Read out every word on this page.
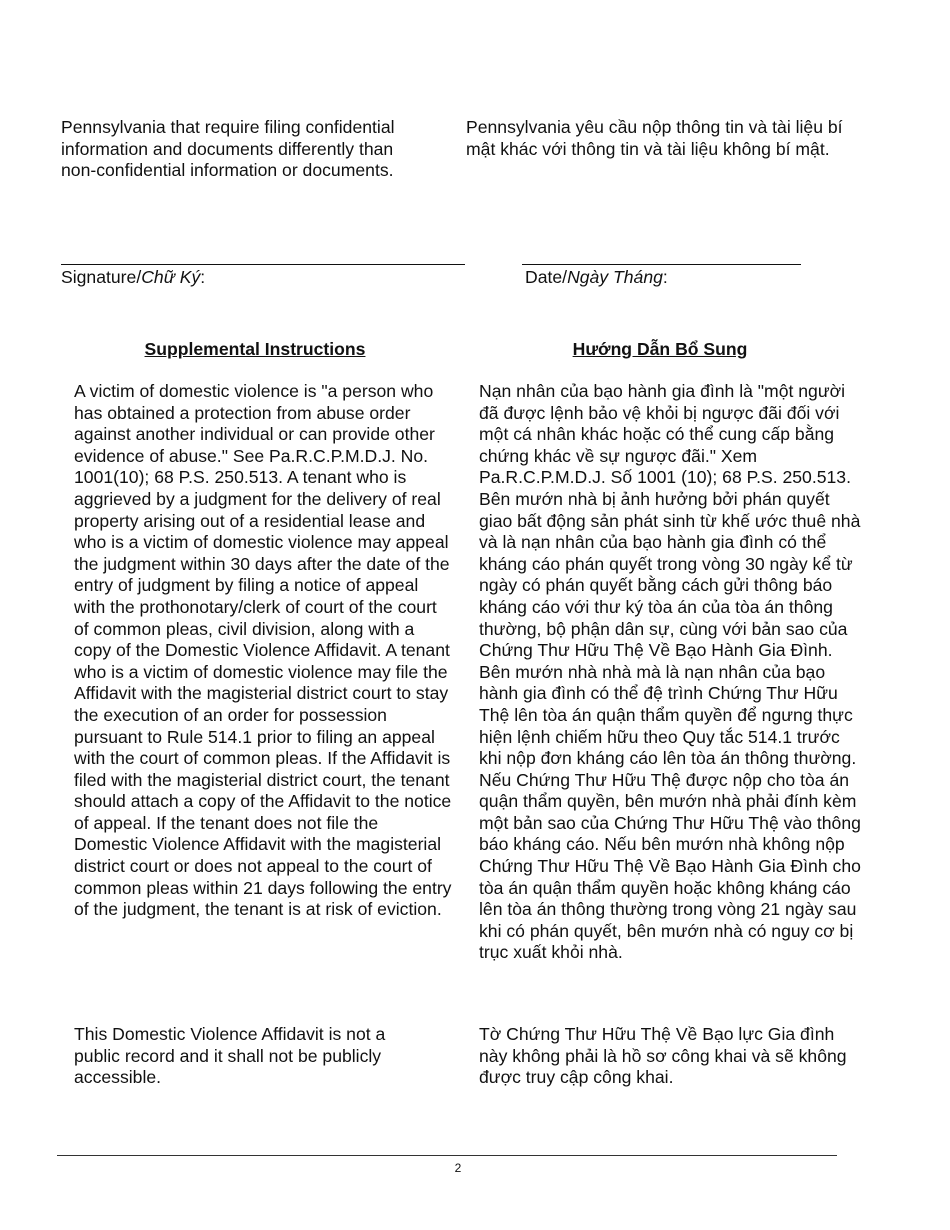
Pennsylvania that require filing confidential information and documents differently than non-confidential information or documents.
Pennsylvania yêu cầu nộp thông tin và tài liệu bí mật khác với thông tin và tài liệu không bí mật.
Signature/Chữ Ký:	Date/Ngày Tháng:
Supplemental Instructions	Hướng Dẫn Bổ Sung
A victim of domestic violence is "a person who has obtained a protection from abuse order against another individual or can provide other evidence of abuse." See Pa.R.C.P.M.D.J. No. 1001(10); 68 P.S. 250.513. A tenant who is aggrieved by a judgment for the delivery of real property arising out of a residential lease and who is a victim of domestic violence may appeal the judgment within 30 days after the date of the entry of judgment by filing a notice of appeal with the prothonotary/clerk of court of the court of common pleas, civil division, along with a copy of the Domestic Violence Affidavit. A tenant who is a victim of domestic violence may file the Affidavit with the magisterial district court to stay the execution of an order for possession pursuant to Rule 514.1 prior to filing an appeal with the court of common pleas. If the Affidavit is filed with the magisterial district court, the tenant should attach a copy of the Affidavit to the notice of appeal. If the tenant does not file the Domestic Violence Affidavit with the magisterial district court or does not appeal to the court of common pleas within 21 days following the entry of the judgment, the tenant is at risk of eviction.
Nạn nhân của bạo hành gia đình là "một người đã được lệnh bảo vệ khỏi bị ngược đãi đối với một cá nhân khác hoặc có thể cung cấp bằng chứng khác về sự ngược đãi." Xem Pa.R.C.P.M.D.J. Số 1001 (10); 68 P.S. 250.513. Bên mướn nhà bị ảnh hưởng bởi phán quyết giao bất động sản phát sinh từ khế ước thuê nhà và là nạn nhân của bạo hành gia đình có thể kháng cáo phán quyết trong vòng 30 ngày kể từ ngày có phán quyết bằng cách gửi thông báo kháng cáo với thư ký tòa án của tòa án thông thường, bộ phận dân sự, cùng với bản sao của Chứng Thư Hữu Thệ Về Bạo Hành Gia Đình. Bên mướn nhà nhà mà là nạn nhân của bạo hành gia đình có thể đệ trình Chứng Thư Hữu Thệ lên tòa án quận thẩm quyền để ngưng thực hiện lệnh chiếm hữu theo Quy tắc 514.1 trước khi nộp đơn kháng cáo lên tòa án thông thường. Nếu Chứng Thư Hữu Thệ được nộp cho tòa án quận thẩm quyền, bên mướn nhà phải đính kèm một bản sao của Chứng Thư Hữu Thệ vào thông báo kháng cáo. Nếu bên mướn nhà không nộp Chứng Thư Hữu Thệ Về Bạo Hành Gia Đình cho tòa án quận thẩm quyền hoặc không kháng cáo lên tòa án thông thường trong vòng 21 ngày sau khi có phán quyết, bên mướn nhà có nguy cơ bị trục xuất khỏi nhà.
This Domestic Violence Affidavit is not a public record and it shall not be publicly accessible.
Tờ Chứng Thư Hữu Thệ Về Bạo lực Gia đình này không phải là hồ sơ công khai và sẽ không được truy cập công khai.
2
